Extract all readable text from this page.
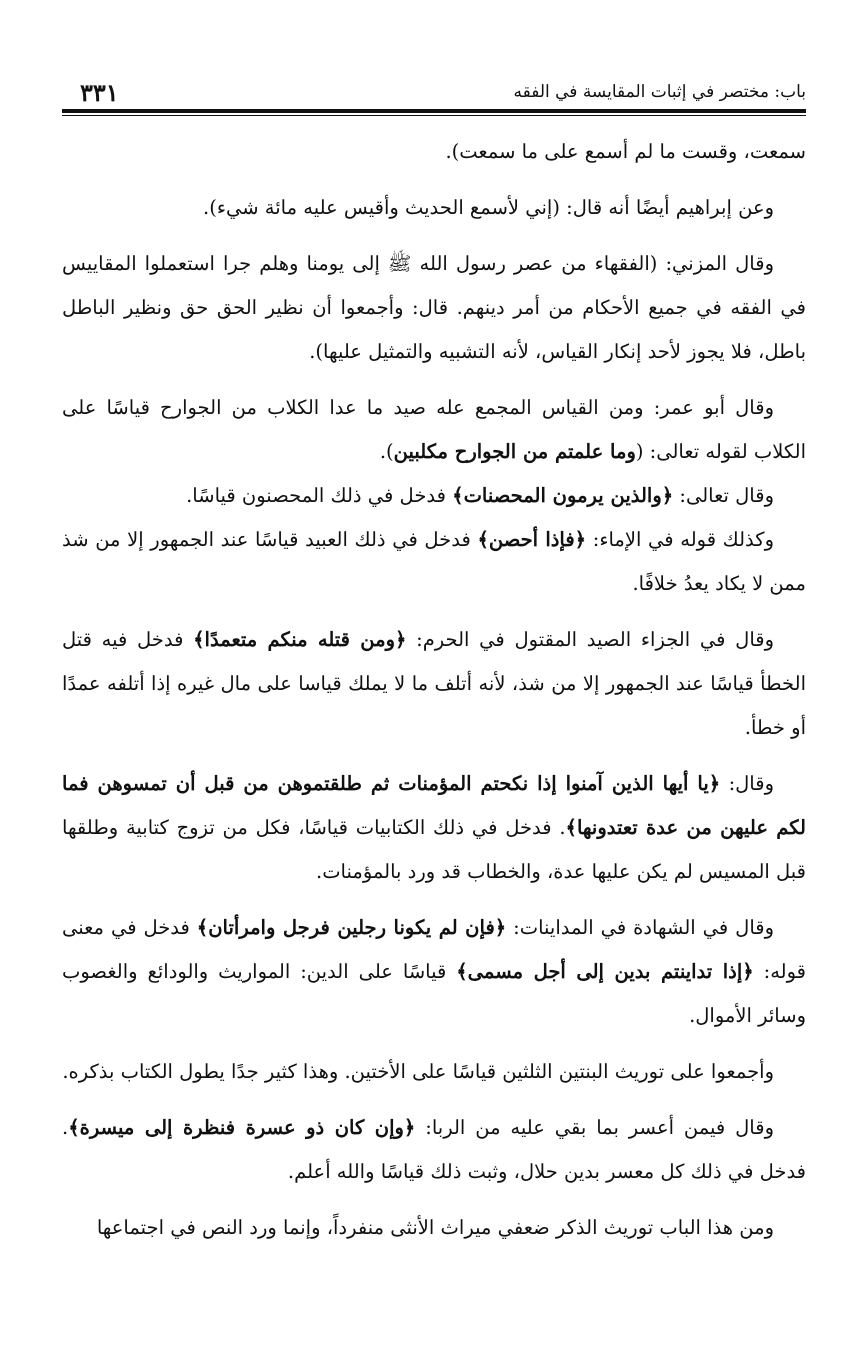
باب: مختصر في إثبات المقايسة في الفقه
٣٣١

سمعت، وقست ما لم أسمع على ما سمعت).

وعن إبراهيم أيضًا أنه قال: (إني لأسمع الحديث وأقيس عليه مائة شيء).

وقال المزني: (الفقهاء من عصر رسول الله ﷺ إلى يومنا وهلم جرا استعملوا المقاييس في الفقه في جميع الأحكام من أمر دينهم. قال: وأجمعوا أن نظير الحق حق ونظير الباطل باطل، فلا يجوز لأحد إنكار القياس، لأنه التشبيه والتمثيل عليها).

وقال أبو عمر: ومن القياس المجمع عله صيد ما عدا الكلاب من الجوارح قياسًا على الكلاب لقوله تعالى: (وما علمتم من الجوارح مكلبين).

وقال تعالى: ﴿والذين يرمون المحصنات﴾ فدخل في ذلك المحصنون قياسًا.

وكذلك قوله في الإماء: ﴿فإذا أحصن﴾ فدخل في ذلك العبيد قياسًا عند الجمهور إلا من شذ ممن لا يكاد يعدُ خلافًا.

وقال في الجزاء الصيد المقتول في الحرم: ﴿ومن قتله منكم متعمدًا﴾ فدخل فيه قتل الخطأ قياسًا عند الجمهور إلا من شذ، لأنه أتلف ما لا يملك قياسا على مال غيره إذا أتلفه عمدًا أو خطأ.

وقال: ﴿يا أيها الذين آمنوا إذا نكحتم المؤمنات ثم طلقتموهن من قبل أن تمسوهن فما لكم عليهن من عدة تعتدونها﴾. فدخل في ذلك الكتابيات قياسًا، فكل من تزوج كتابية وطلقها قبل المسيس لم يكن عليها عدة، والخطاب قد ورد بالمؤمنات.

وقال في الشهادة في المداينات: ﴿فإن لم يكونا رجلين فرجل وامرأتان﴾ فدخل في معنى قوله: ﴿إذا تداينتم بدين إلى أجل مسمى﴾ قياسًا على الدين: المواريث والودائع والغصوب وسائر الأموال.

وأجمعوا على توريث البنتين الثلثين قياسًا على الأختين. وهذا كثير جدًا يطول الكتاب بذكره.

وقال فيمن أعسر بما بقي عليه من الربا: ﴿وإن كان ذو عسرة فنظرة إلى ميسرة﴾. فدخل في ذلك كل معسر بدين حلال، وثبت ذلك قياسًا والله أعلم.

ومن هذا الباب توريث الذكر ضعفي ميراث الأنثى منفرداً، وإنما ورد النص في اجتماعها
